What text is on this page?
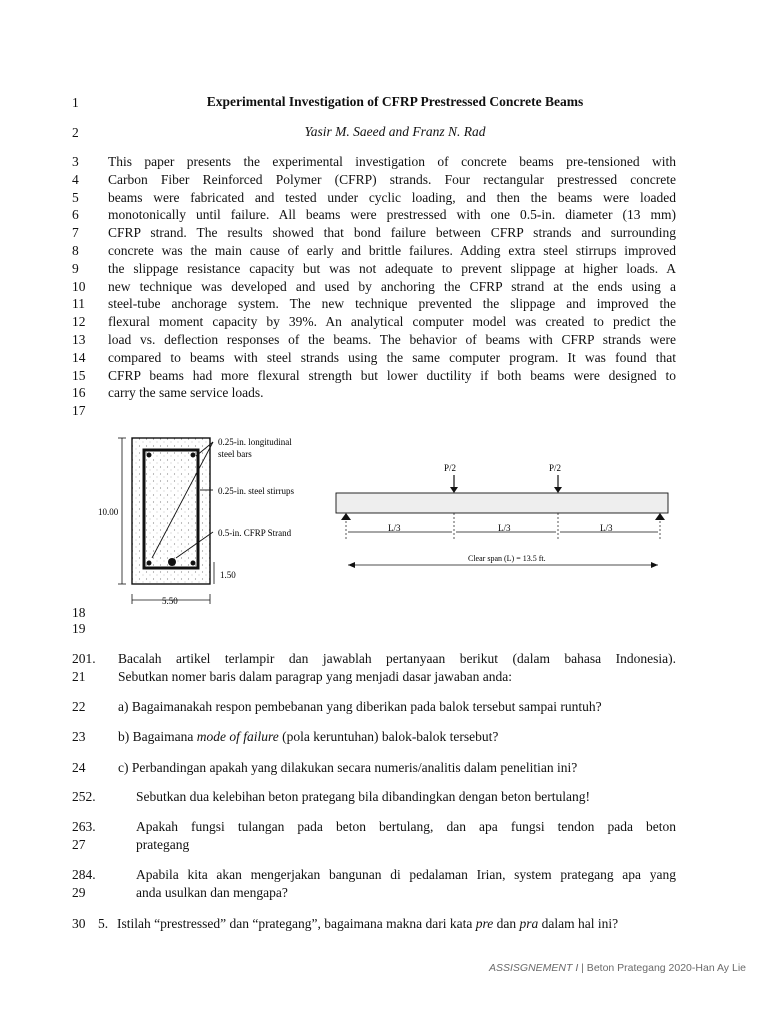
1	Experimental Investigation of CFRP Prestressed Concrete Beams
2	Yasir M. Saeed and Franz N. Rad
3
4
5
6
7
8
9
10
11
12
13
14
15
16
17
This paper presents the experimental investigation of concrete beams pre-tensioned with
Carbon Fiber Reinforced Polymer (CFRP) strands. Four rectangular prestressed concrete
beams were fabricated and tested under cyclic loading, and then the beams were loaded
monotonically until failure. All beams were prestressed with one 0.5-in. diameter (13 mm)
CFRP strand. The results showed that bond failure between CFRP strands and surrounding
concrete was the main cause of early and brittle failures. Adding extra steel stirrups improved
the slippage resistance capacity but was not adequate to prevent slippage at higher loads. A
new technique was developed and used by anchoring the CFRP strand at the ends using a
steel-tube anchorage system. The new technique prevented the slippage and improved the
flexural moment capacity by 39%. An analytical computer model was created to predict the
load vs. deflection responses of the beams. The behavior of beams with CFRP strands were
compared to beams with steel strands using the same computer program. It was found that
CFRP beams had more flexural strength but lower ductility if both beams were designed to
carry the same service loads.
10.00
5.50
1.50
0.25-in. longitudinal
steel bars
0.25-in. steel stirrups
0.5-in. CFRP Strand
P/2	P/2
L/3	L/3	L/3
Clear span (L) = 13.5 ft.
18
19
201. Bacalah artikel terlampir dan jawablah pertanyaan berikut (dalam bahasa Indonesia).
21	Sebutkan nomer baris dalam paragrap yang menjadi dasar jawaban anda:
22	a) Bagaimanakah respon pembebanan yang diberikan pada balok tersebut sampai runtuh?
23	b) Bagaimana mode of failure (pola keruntuhan) balok-balok tersebut?
24	c) Perbandingan apakah yang dilakukan secara numeris/analitis dalam penelitian ini?
252.	Sebutkan dua kelebihan beton prategang bila dibandingkan dengan beton bertulang!
263.	Apakah fungsi tulangan pada beton bertulang, dan apa fungsi tendon pada beton
27	prategang
284.	Apabila kita akan mengerjakan bangunan di pedalaman Irian, system prategang apa yang
29	anda usulkan dan mengapa?
30 5. Istilah “prestressed” dan “prategang”, bagaimana makna dari kata pre dan pra dalam hal ini?
ASSISGNEMENT I | Beton Prategang 2020-Han Ay Lie
